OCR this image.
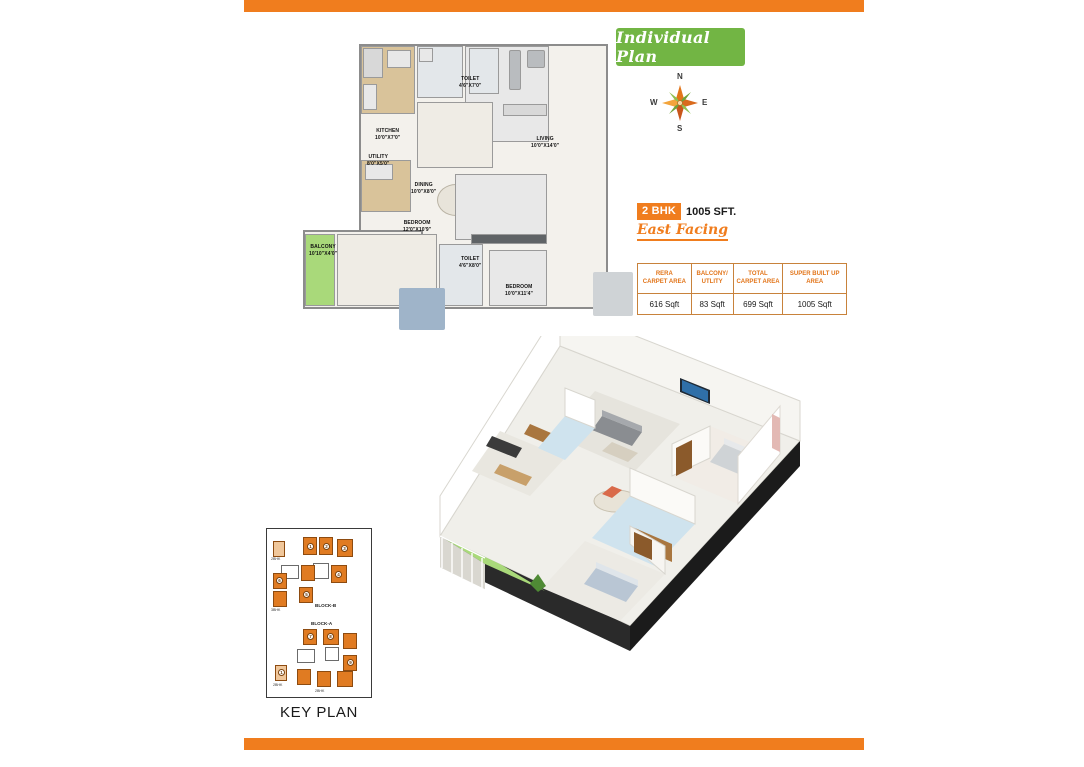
Individual Plan
N
S
W	E
2 BHK 1005 SFT.
East Facing
RERA
CARPET AREA

BALCONY/
UTLITY

TOTAL
CARPET AREA

SUPER BUILT UP
AREA

616 Sqft	83 Sqft	699 Sqft	1005 Sqft
KITCHEN
10'0"X7'0"
TOILET
4'6"X7'0"
LIVING
10'0"X14'0"
UTILITY
8'0"X5'0"
DINING
10'0"X8'0"
BEDROOM
12'0"X10'9"
BALCONY
10'10"X4'0"
TOILET
4'6"X8'0"
BEDROOM
10'0"X11'4"
1	2	3
4
5
6
2BHK
3BHK
BLOCK-B
BLOCK-A
7	8
9
1
2BHK
2BHK
KEY PLAN
